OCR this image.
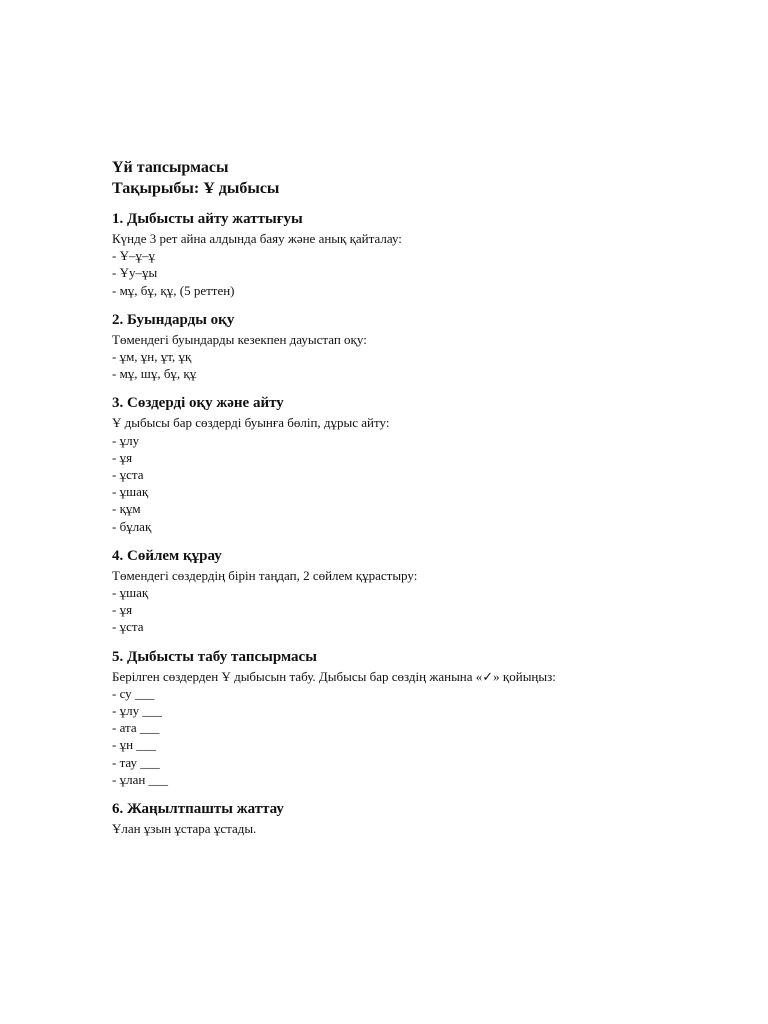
Үй тапсырмасы
Тақырыбы: Ұ дыбысы
1. Дыбысты айту жаттығуы

Күнде 3 рет айна алдында баяу және анық қайталау:

- Ұ–ұ–ұ

- Ұу–ұы

- мұ, бұ, құ, (5 реттен)

2. Буындарды оқу

Төмендегі буындарды кезекпен дауыстап оқу:

- ұм, ұн, ұт, ұқ

- мұ, шұ, бұ, құ

3. Сөздерді оқу және айту

Ұ дыбысы бар сөздерді буынға бөліп, дұрыс айту:

- ұлу

- ұя

- ұста

- ұшақ

- құм

- бұлақ

4. Сөйлем құрау

Төмендегі сөздердің бірін таңдап, 2 сөйлем құрастыру:

- ұшақ

- ұя

- ұста

5. Дыбысты табу тапсырмасы

Берілген сөздерден Ұ дыбысын табу. Дыбысы бар сөздің жанына «✓» қойыңыз:

- су ___

- ұлу ___

- ата ___

- ұн ___

- тау ___

- ұлан ___

6. Жаңылтпашты жаттау

Ұлан ұзын ұстара ұстады.
